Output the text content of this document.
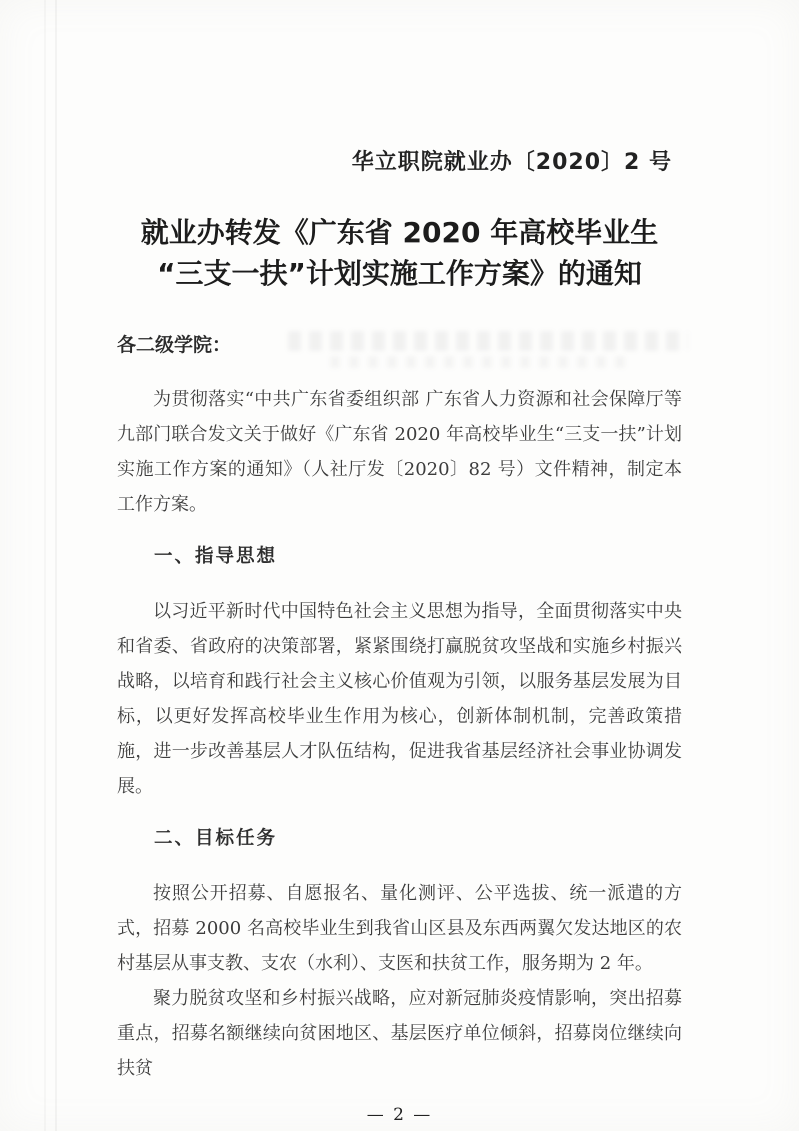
华立职院就业办〔2020〕2 号
就业办转发《广东省 2020 年高校毕业生
“三支一扶”计划实施工作方案》的通知
各二级学院：

为贯彻落实“中共广东省委组织部 广东省人力资源和社会保障厅等九部门联合发文关于做好《广东省 2020 年高校毕业生“三支一扶”计划实施工作方案的通知》（人社厅发〔2020〕82 号）文件精神，制定本工作方案。

一、指导思想

以习近平新时代中国特色社会主义思想为指导，全面贯彻落实中央和省委、省政府的决策部署，紧紧围绕打赢脱贫攻坚战和实施乡村振兴战略，以培育和践行社会主义核心价值观为引领，以服务基层发展为目标，以更好发挥高校毕业生作用为核心，创新体制机制，完善政策措施，进一步改善基层人才队伍结构，促进我省基层经济社会事业协调发展。

二、目标任务

按照公开招募、自愿报名、量化测评、公平选拔、统一派遣的方式，招募 2000 名高校毕业生到我省山区县及东西两翼欠发达地区的农村基层从事支教、支农（水利）、支医和扶贫工作，服务期为 2 年。

聚力脱贫攻坚和乡村振兴战略，应对新冠肺炎疫情影响，突出招募重点，招募名额继续向贫困地区、基层医疗单位倾斜，招募岗位继续向扶贫

— 2 —
